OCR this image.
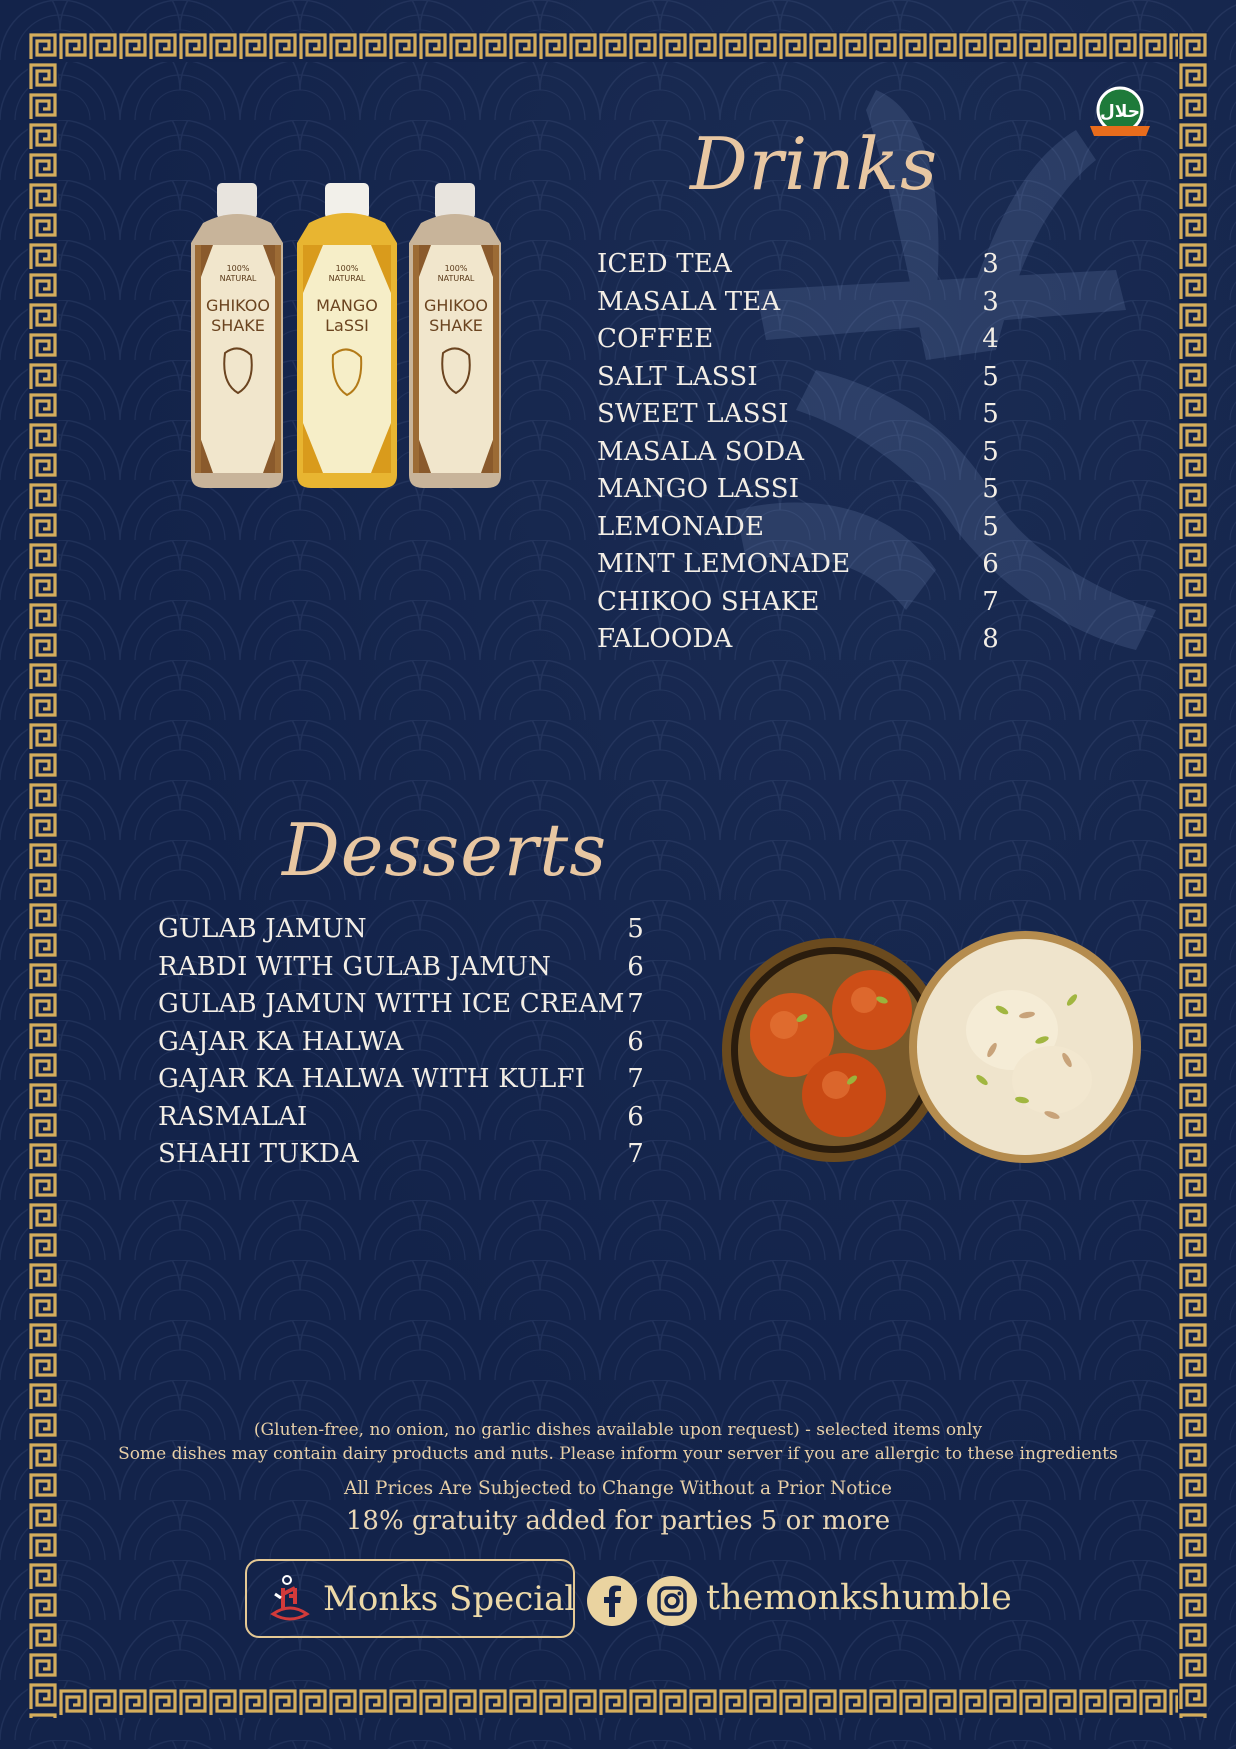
حلال
100%
NATURAL
GHIKOO
SHAKE
100%
NATURAL
MANGO
LaSSI
100%
NATURAL
GHIKOO
SHAKE
Drinks
ICED TEA	3
MASALA TEA	3
COFFEE	4
SALT LASSI	5
SWEET LASSI	5
MASALA SODA	5
MANGO LASSI	5
LEMONADE	5
MINT LEMONADE	6
CHIKOO SHAKE	7
FALOODA	8
Desserts
GULAB JAMUN	5
RABDI WITH GULAB JAMUN	6
GULAB JAMUN WITH ICE CREAM 7
GAJAR KA HALWA	6
GAJAR KA HALWA WITH KULFI 7
RASMALAI	6
SHAHI TUKDA	7

(Gluten-free, no onion, no garlic dishes available upon request) - selected items only

Some dishes may contain dairy products and nuts. Please inform your server if you are allergic to these ingredients

All Prices Are Subjected to Change Without a Prior Notice

18% gratuity added for parties 5 or more

Monks Special	themonkshumble
